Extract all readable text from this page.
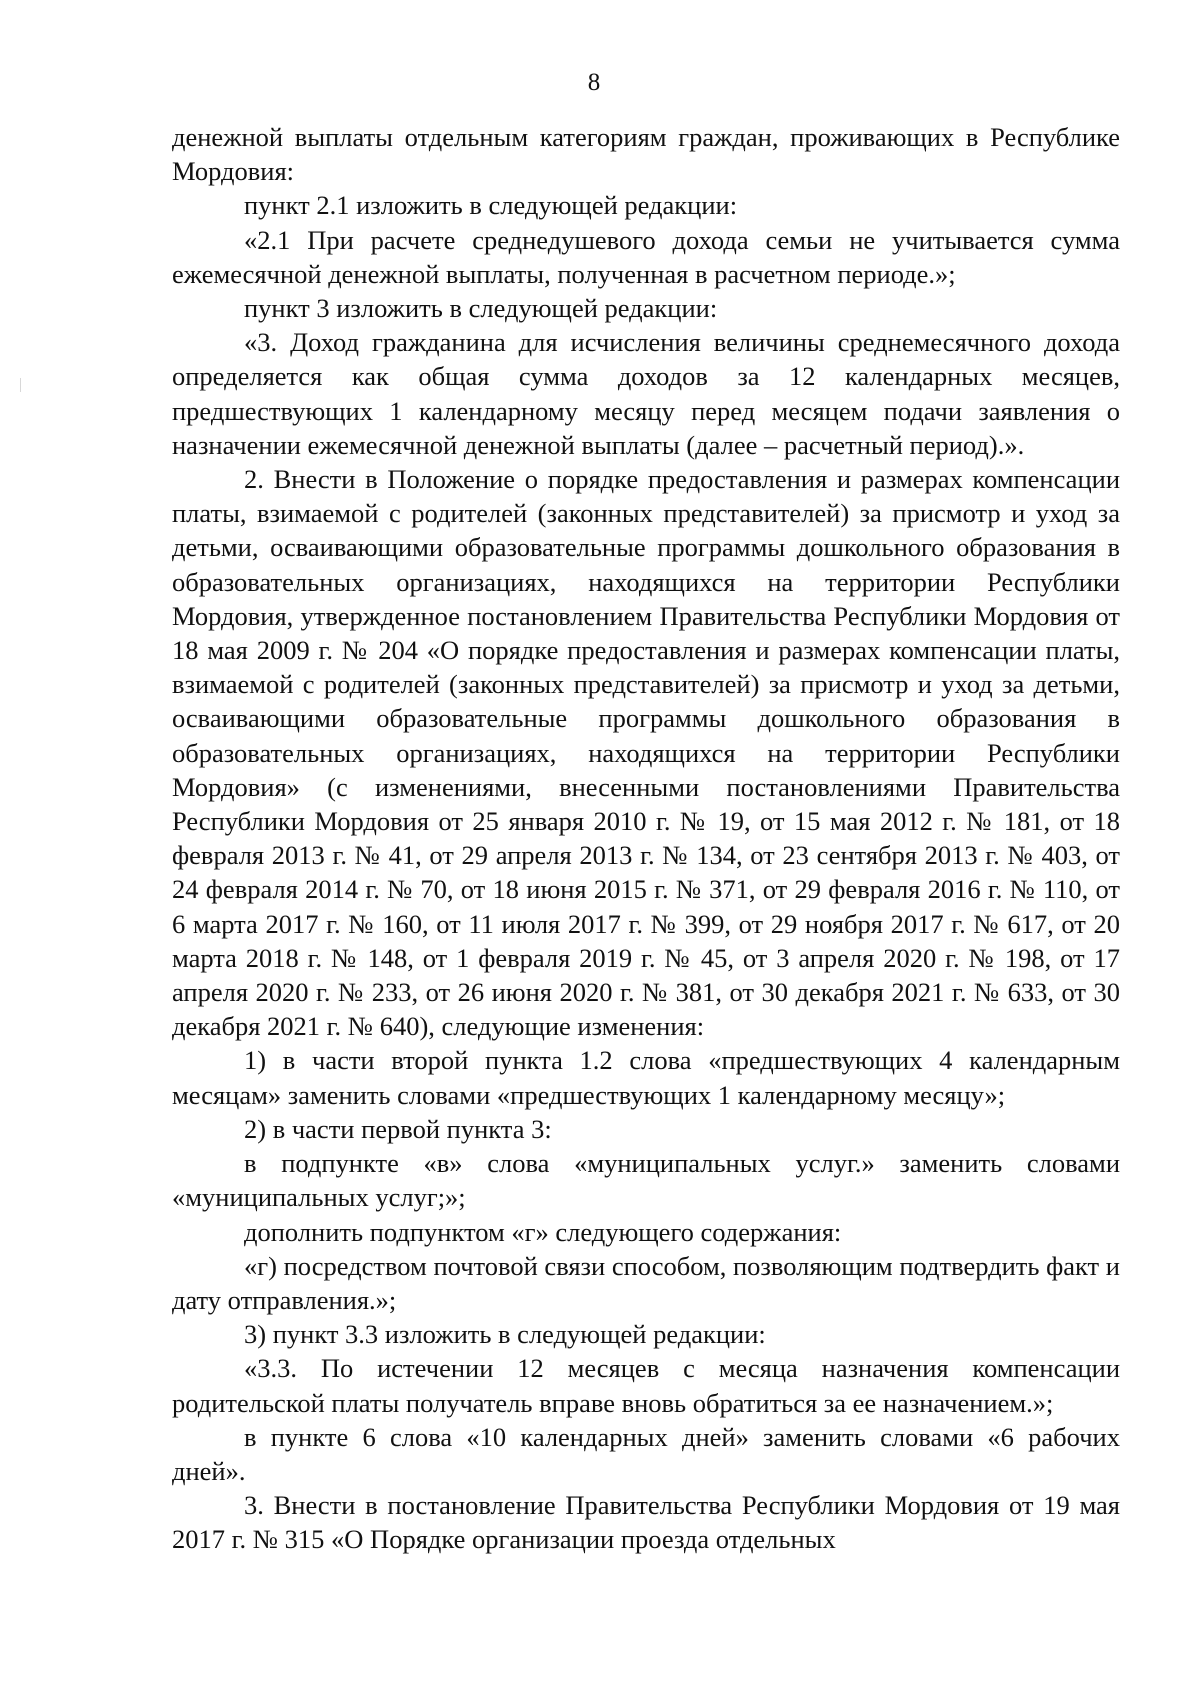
8

денежной выплаты отдельным категориям граждан, проживающих в Республике Мордовия:

пункт 2.1 изложить в следующей редакции:

«2.1 При расчете среднедушевого дохода семьи не учитывается сумма ежемесячной денежной выплаты, полученная в расчетном периоде.»;

пункт 3 изложить в следующей редакции:

«3. Доход гражданина для исчисления величины среднемесячного дохода определяется как общая сумма доходов за 12 календарных месяцев, предшествующих 1 календарному месяцу перед месяцем подачи заявления о назначении ежемесячной денежной выплаты (далее – расчетный период).».

2. Внести в Положение о порядке предоставления и размерах компенсации платы, взимаемой с родителей (законных представителей) за присмотр и уход за детьми, осваивающими образовательные программы дошкольного образования в образовательных организациях, находящихся на территории Республики Мордовия, утвержденное постановлением Правительства Республики Мордовия от 18 мая 2009 г. № 204 «О порядке предоставления и размерах компенсации платы, взимаемой с родителей (законных представителей) за присмотр и уход за детьми, осваивающими образовательные программы дошкольного образования в образовательных организациях, находящихся на территории Республики Мордовия» (с изменениями, внесенными постановлениями Правительства Республики Мордовия от 25 января 2010 г. № 19, от 15 мая 2012 г. № 181, от 18 февраля 2013 г. № 41, от 29 апреля 2013 г. № 134, от 23 сентября 2013 г. № 403, от 24 февраля 2014 г. № 70, от 18 июня 2015 г. № 371, от 29 февраля 2016 г. № 110, от 6 марта 2017 г. № 160, от 11 июля 2017 г. № 399, от 29 ноября 2017 г. № 617, от 20 марта 2018 г. № 148, от 1 февраля 2019 г. № 45, от 3 апреля 2020 г. № 198, от 17 апреля 2020 г. № 233, от 26 июня 2020 г. № 381, от 30 декабря 2021 г. № 633, от 30 декабря 2021 г. № 640), следующие изменения:

1) в части второй пункта 1.2 слова «предшествующих 4 календарным месяцам» заменить словами «предшествующих 1 календарному месяцу»;

2) в части первой пункта 3:

в подпункте «в» слова «муниципальных услуг.» заменить словами «муниципальных услуг;»;

дополнить подпунктом «г» следующего содержания:

«г) посредством почтовой связи способом, позволяющим подтвердить факт и дату отправления.»;

3) пункт 3.3 изложить в следующей редакции:

«3.3. По истечении 12 месяцев с месяца назначения компенсации родительской платы получатель вправе вновь обратиться за ее назначением.»;

в пункте 6 слова «10 календарных дней» заменить словами «6 рабочих дней».

3. Внести в постановление Правительства Республики Мордовия от 19 мая 2017 г. № 315 «О Порядке организации проезда отдельных
